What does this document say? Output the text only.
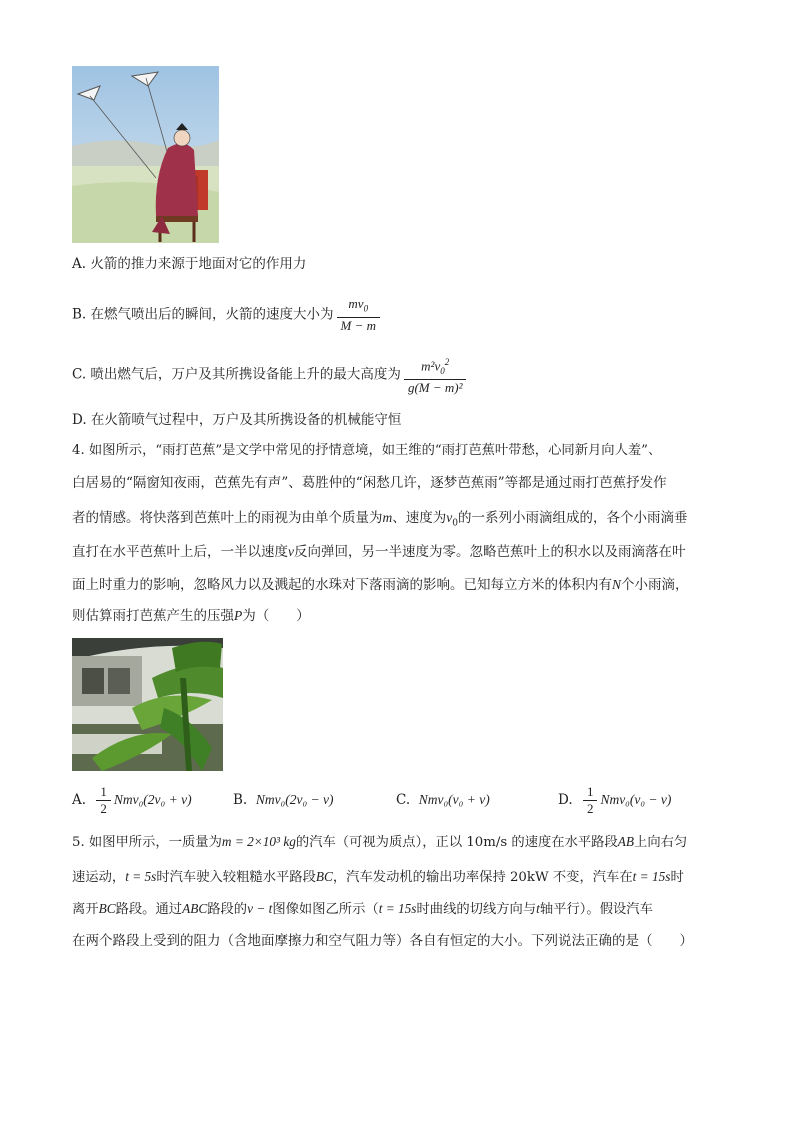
A. 火箭的推力来源于地面对它的作用力
B. 在燃气喷出后的瞬间，火箭的速度大小为 $\frac{mv_0}{M - m}$
C. 喷出燃气后，万户及其所携设备能上升的最大高度为 $\frac{m^2v_0^2}{\text{g(M − m)²}}$
D. 在火箭喷气过程中，万户及其所携设备的机械能守恒
4. 如图所示，“雨打芭蕉”是文学中常见的抒情意境，如王维的“雨打芭蕉叶带愁，心同新月向人羞”、
白居易的“隔窗知夜雨，芭蕉先有声”、葛胜仲的“闲愁几许，逐梦芭蕉雨”等都是通过雨打芭蕉抒发作
者的情感。将快落到芭蕉叶上的雨视为由单个质量为m、速度为$v_0$的一系列小雨滴组成的，各个小雨滴垂
直打在水平芭蕉叶上后，一半以速度v反向弹回，另一半速度为零。忽略芭蕉叶上的积水以及雨滴落在叶
面上时重力的影响，忽略风力以及溅起的水珠对下落雨滴的影响。已知每立方米的体积内有N个小雨滴，
则估算雨打芭蕉产生的压强P为（　　）
A. $\frac{1}{2} Nmv_0(2v_0 + v)$	B. Nmv₀(2v₀ − v)	C. Nmv₀(v₀ + v)	D. $\frac{1}{2} Nmv_0(v_0 - v)$
5. 如图甲所示，一质量为m = 2×10³ kg的汽车（可视为质点），正以 10m/s 的速度在水平路段AB上向右匀
速运动，t = 5s时汽车驶入较粗糙水平路段BC，汽车发动机的输出功率保持 20kW 不变，汽车在t = 15s时
离开BC路段。通过ABC路段的v − t图像如图乙所示（t = 15s时曲线的切线方向与t轴平行）。假设汽车
在两个路段上受到的阻力（含地面摩擦力和空气阻力等）各自有恒定的大小。下列说法正确的是（　　）
